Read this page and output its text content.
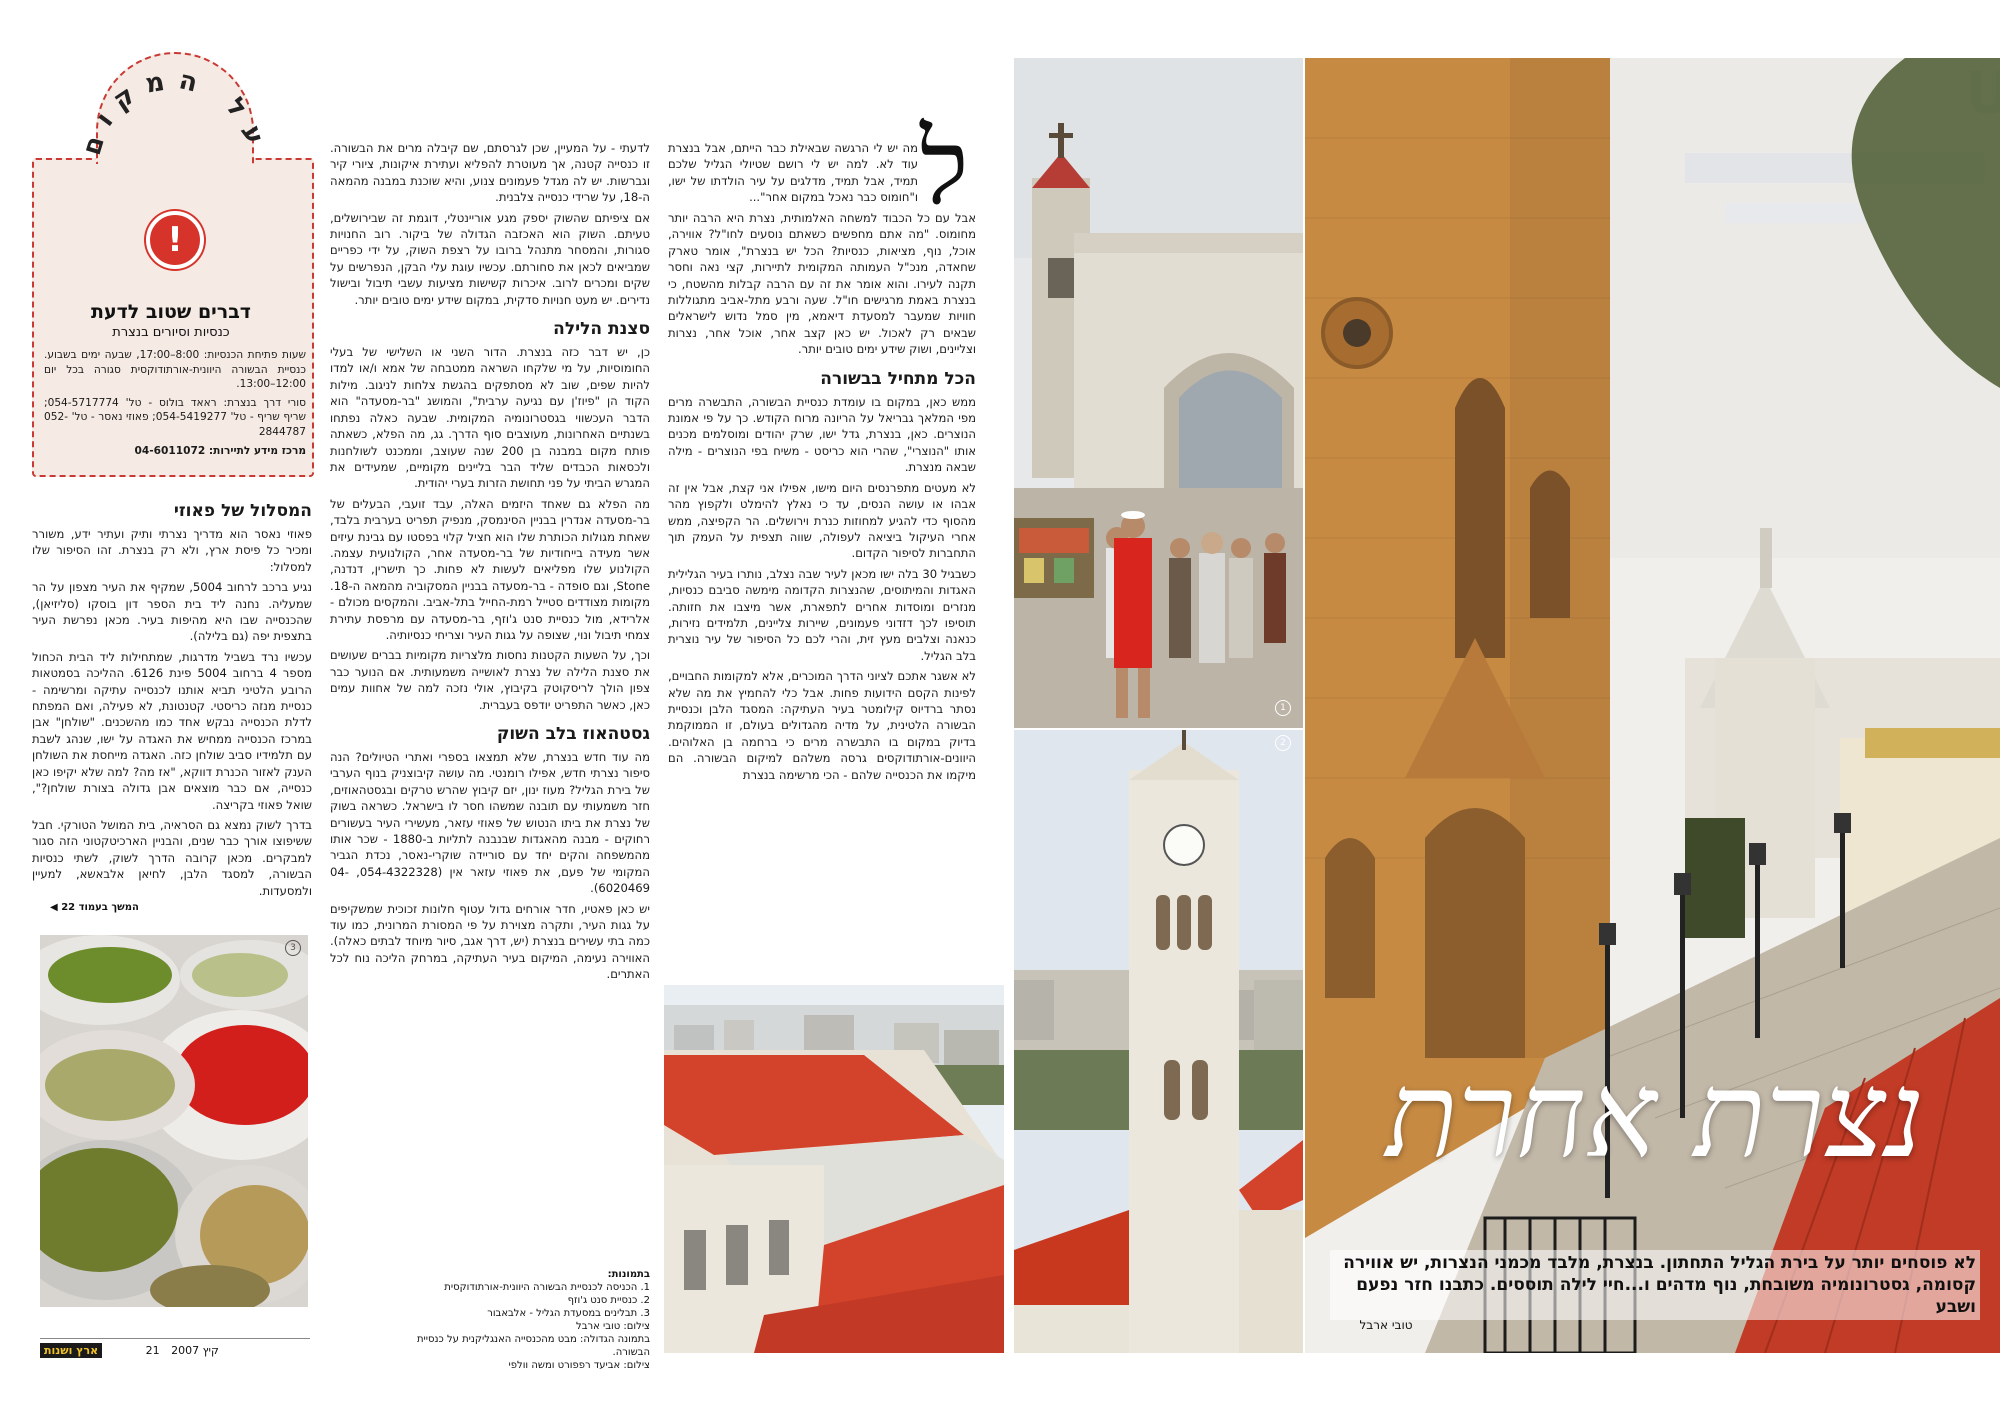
על המקום
!
דברים שטוב לדעת
כנסיות וסיורים בנצרת

שעות פתיחת הכנסיות: 8:00–17:00, שבעה ימים בשבוע. כנסיית הבשורה היוונית-אורתודוקסית סגורה בכל יום 12:00–13:00.

סורי דרך בנצרת: ראאד בולוס - טל' 054-5717774; שריף שריף - טל' 054-5419277; פאוזי נאסר - טל' 052-2844787

מרכז מידע לתיירות: 04-6011072

המסלול של פאוזי

פאוזי נאסר הוא מדריך נצרתי ותיק ועתיר ידע, משורר ומכיר כל פיסת ארץ, ולא רק בנצרת. זהו הסיפור שלו למסלול:

נגיע ברכב לרחוב 5004, שמקיף את העיר מצפון על הר שמעליה. נחנה ליד בית הספר דון בוסקו (סליזיאן), שהכנסייה שבו היא מהיפות בעיר. מכאן נפרשת העיר בתצפית יפה (גם בלילה).

עכשיו נרד בשביל מדרגות, שמתחילות ליד הבית הכחול מספר 4 ברחוב 5004 פינת 6126. ההליכה בסמטאות הרובע הלטיני תביא אותנו לכנסייה עתיקה ומרשימה - כנסיית מנזה כריסטי. קטנטונת, לא פעילה, ואם המפתח לדלת הכנסייה נבקש אחד כמו מהשכנים. "שולחן" אבן במרכז הכנסייה ממחיש את האגדה על ישו, שנהג לשבת עם תלמידיו סביב שולחן כזה. האגדה מייחסת את השולחן הענק לאזור הכנרת דווקא, "אז מה? למה שלא יקיפו כאן כנסייה, אם כבר מוצאים אבן גדולה בצורת שולחן?", שואל פאוזי בקריצה.

בדרך לשוק נמצא גם הסראיה, בית המושל הטורקי. חבל ששיפוצו אורך כבר שנים, והבניין הארכיטקטוני הזה סגור למבקרים. מכאן קרובה הדרך לשוק, לשתי כנסיות הבשורה, למסגד הלבן, לחיאן אלבאשא, למעיין ולמסעדות.

המשך בעמוד 22 ◀
3
ארץ ושנות	קיץ 2007 21

לדעתי - על המעיין, שכן לגרסתם, שם קיבלה מרים את הבשורה. זו כנסייה קטנה, אך מעוטרת להפליא ועתירת איקונות, ציורי קיר וגברשות. יש לה מגדל פעמונים צנוע, והיא שוכנת במבנה מהמאה ה-18, על שרידי כנסייה צלבנית.

אם ציפיתם שהשוק יספק מגע אוריינטלי, דוגמת זה שבירושלים, טעיתם. השוק הוא האכזבה הגדולה של ביקור. רוב החנויות סגורות, והמסחר מתנהל ברובו על רצפת השוק, על ידי כפריים שמביאים לכאן את סחורתם. עכשיו עוגת עלי הבקן, הנפרשים על שקים ומכרים לרוב. איכרות קשישות מציעות עשבי תיבול ובישול נדירים. יש מעט חנויות סדקית, במקום שידע ימים טובים יותר.

סצנת הלילה

כן, יש דבר כזה בנצרת. הדור השני או השלישי של בעלי החומוסיות, על מי שלקחו השראה ממטבחה של אמא ו/או למדו להיות שפים, שוב לא מסתפקים בהגשת צלחות לניגוב. מילות הקוד הן "פיוז'ן עם נגיעה ערבית", והמושג "בר-מסעדה" הוא הדבר העכשווי בגסטרונומיה המקומית. שבעה כאלה נפתחו בשנתיים האחרונות, מעוצבים סוף הדרך. גג, מה הפלא, כשאתה פותח מקום במבנה בן 200 שנה שעוצב, וממכנט לשולחנות ולכסאות הכבדים שליד הבר בליינים מקומיים, שמעידים את המגרש הביתי על פני תחושת הזרות בערי יהודית.

מה הפלא גם שאחד היזמים האלה, עבד זועבי, הבעלים של בר-מסעדה אנדרין בבניין הסינמסק, מנפיק תפריט בערבית בלבד, שאחת מגולות הכותרת שלו הוא חציל קלוי בפסטו עם גבינת עיזים אשר מעידה בייחודיות של בר-מסעדה אחר, הקולנועית עצמה. הקולנוע שלו מפליאים לעשות לא פחות. כך תישרין, דנדנה, Stone, וגם סופדה - בר-מסעדה בבניין המסקוביה מהמאה ה-18. מקומות מצודדים סטייל רמת-החייל בתל-אביב. והמקסים מכולם - אלרידא, מול כנסיית סנט ג'וזף, בר-מסעדה עם מרפסת עתירת צמחי תיבול ונוי, שצופה על גגות העיר וצריחי כנסיותיה.

וכך, על השעות הקטנות נחסות מלצריות מקומיות בברים שעושים את סצנת הלילה של נצרת לאושייה משמעותית. אם הנוער כבר צפון הולך לריסקוטק בקיבוץ, אולי נזכה למה של אחוות עמים כאן, כאשר התפריט יודפס בעברית.

גסטהאוז בלב השוק

מה עוד חדש בנצרת, שלא תמצאו בספרי ואתרי הטיולים? הנה סיפור נצרתי חדש, אפילו רומנטי. מה עושה קיבוצניק בנוף הערבי של בירת הגליל? מעוז ינון, יזם קיבוץ שהרש טרקים ובגסטהאוזים, חזר משמעותי עם תובנה שמשהו חסר לו בישראל. כשראה בשוק של נצרת את ביתו הנטוש של פאוזי עזאר, מעשירי העיר בעשורים רחוקים - מבנה מהאגדות שבנבנה לתליות ב-1880 - שכר אותו מהמשפחה והקים יחד עם סוריידה שוקרי-נאסר, נכדת הגביר המקומי של פעם, את פאוזי עזאר אין (054-4322328, 04-6020469).

יש כאן פאטיו, חדר אורחים גדול עטוף חלונות זכוכית שמשקיפים על גגות העיר, ותקרה מצוירת על פי המסורת המרונית, כמו עוד כמה בתי עשירים בנצרת (יש, דרך אגב, סיור מיוחד לבתים כאלה). האווירה נעימה, המיקום בעיר העתיקה, במרחק הליכה נוח לכל האתרים.

בתמונות:
1. הכניסה לכנסיית הבשורה היוונית-אורתודוקסית
2. כנסיית סנט ג'וזף
3. תבלינים במסעדת הגליל - אלבאבור
צילום: טובי ארבל
בתמונה הגדולה: מבט מהכנסייה האנגליקנית על כנסיית הבשורה.
צילום: אביעד רפפורט ומשה וולפי
ל

מה יש לי הרגשה שבאילת כבר הייתם, אבל בנצרת עוד לא. למה יש לי רושם שטיולי הגליל שלכם תמיד, אבל תמיד, מדלגים על עיר הולדתו של ישו, ו"חומוס כבר נאכל במקום אחר"...

אבל עם כל הכבוד למשחה האלמותית, נצרת היא הרבה יותר מחומוס. "מה אתם מחפשים כשאתם נוסעים לחו"ל? אווירה, אוכל, נוף, מציאות, כנסיות? הכל יש בנצרת", אומר טארק שחאדה, מנכ"ל העמותה המקומית לתיירות, קצי נאה וחסר תקנה לעירו. והוא אומר את זה עם הרבה קבלות מהשטח, כי בנצרת באמת מרגישים חו"ל. שעה ורבע מתל-אביב מתגוללות חוויות שמעבר למסעדת דיאמא, מין סמל נדוש לישראלים שבאים רק לאכול. יש כאן קצב אחר, אוכל אחר, נצרות וצליינים, ושוק שידע ימים טובים יותר.

הכל מתחיל בבשורה

ממש כאן, במקום בו עומדת כנסיית הבשורה, התבשרה מרים מפי המלאך גבריאל על הריונה מרוח הקודש. כך על פי אמונת הנוצרים. כאן, בנצרת, גדל ישו, שרק יהודים ומוסלמים מכנים אותו "הנוצרי", שהרי הוא כריסט - משיח בפי הנוצרים - מילה שבאה מנצרת.

לא מעטים מתפרנסים היום מישו, אפילו אני קצת, אבל אין זה אבהו או עושה הנסים, עד כי נאלץ להימלט ולקפוץ מהר מהסוף כדי להגיע למחוזות כנרת וירושלים. הר הקפיצה, ממש אחרי העיקול ביציאה לעפולה, שווה תצפית על העמק תוך התחברות לסיפור הקדום.

כשבגיל 30 בלה ישו מכאן לעיר שבה נצלב, נותרו בעיר הגלילית האגדות והמיתוסים, שהנצרות הקדומה מימשה סביבם כנסיות, מנזרים ומוסדות אחרים לתפארת, אשר מיצבו את חזותה. תוסיפו לכך דזדוני פעמונים, שיירות צליינים, תלמידים נזירות, כנאנה וצלבים מעץ זית, והרי לכם כל הסיפור של עיר נוצרית בלב הגליל.

לא אשגר אתכם לציוני הדרך המוכרים, אלא למקומות החבויים, לפינות הקסם הידועות פחות. אבל כלי להחמיץ את מה שלא נסתר ברדיוס קילומטר בעיר העתיקה: המסגד הלבן וכנסיית הבשורה הלטינית, על מדיה מהגדולים בעולם, זו הממוקמת בדיוק במקום בו התבשרה מרים כי ברחמה בן האלוהים. היוונים-אורתודוקסים גרסה משלהם למיקום הבשורה. הם מיקמו את הכנסייה שלהם - הכי מרשימה בנצרת

1
2
נצרת אחרת
לא פוסחים יותר על בירת הגליל התחתון. בנצרת, מלבד מכמני הנצרות, יש אווירה קסומה, גסטרונומיה משובחת, נוף מדהים ו...חיי לילה תוססים. כתבנו חזר נפעם ושבע
טובי ארבל
